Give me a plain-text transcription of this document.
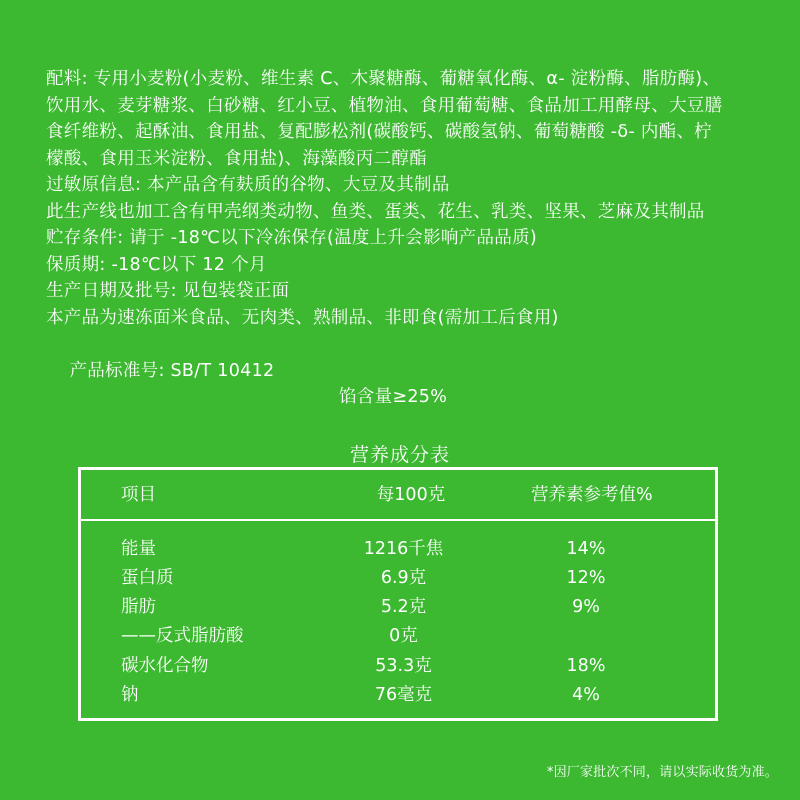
配料: 专用小麦粉(小麦粉、维生素 C、木聚糖酶、葡糖氧化酶、α- 淀粉酶、脂肪酶)、
饮用水、麦芽糖浆、白砂糖、红小豆、植物油、食用葡萄糖、食品加工用酵母、大豆膳
食纤维粉、起酥油、食用盐、复配膨松剂(碳酸钙、碳酸氢钠、葡萄糖酸 -δ- 内酯、柠
檬酸、食用玉米淀粉、食用盐)、海藻酸丙二醇酯
过敏原信息: 本产品含有麸质的谷物、大豆及其制品
此生产线也加工含有甲壳纲类动物、鱼类、蛋类、花生、乳类、坚果、芝麻及其制品
贮存条件: 请于 -18℃以下冷冻保存(温度上升会影响产品品质)
保质期: -18℃以下 12 个月
生产日期及批号: 见包装袋正面
本产品为速冻面米食品、无肉类、熟制品、非即食(需加工后食用)

产品标准号: SB/T 10412

馅含量≥25%

营养成分表
项目	每100克	营养素参考值%
能量	1216千焦	14%
蛋白质	6.9克	12%
脂肪	5.2克	9%
——反式脂肪酸	0克
碳水化合物	53.3克	18%
钠	76毫克	4%
*因厂家批次不同，请以实际收货为准。
